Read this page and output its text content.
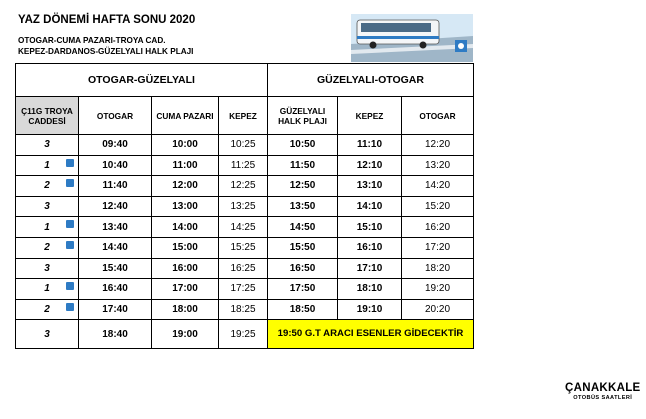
YAZ DÖNEMİ HAFTA SONU 2020
OTOGAR-CUMA PAZARI-TROYA CAD.
KEPEZ-DARDANOS-GÜZELYALI HALK PLAJI
OTOGAR-GÜZELYALI				GÜZELYALI-OTOGAR		
Ç11G TROYA CADDESİ	OTOGAR	CUMA PAZARI	KEPEZ	GÜZELYALI HALK PLAJI	KEPEZ	OTOGAR
3	09:40	10:00	10:25	10:50	11:10	12:20
1	10:40	11:00	11:25	11:50	12:10	13:20
2	11:40	12:00	12:25	12:50	13:10	14:20
3	12:40	13:00	13:25	13:50	14:10	15:20
1	13:40	14:00	14:25	14:50	15:10	16:20
2	14:40	15:00	15:25	15:50	16:10	17:20
3	15:40	16:00	16:25	16:50	17:10	18:20
1	16:40	17:00	17:25	17:50	18:10	19:20
2	17:40	18:00	18:25	18:50	19:10	20:20
3	18:40	19:00	19:25	19:50 G.T ARACI ESENLER GİDECEKTİR		
ÇANAKKALE
OTOBÜS SAATLERİ
